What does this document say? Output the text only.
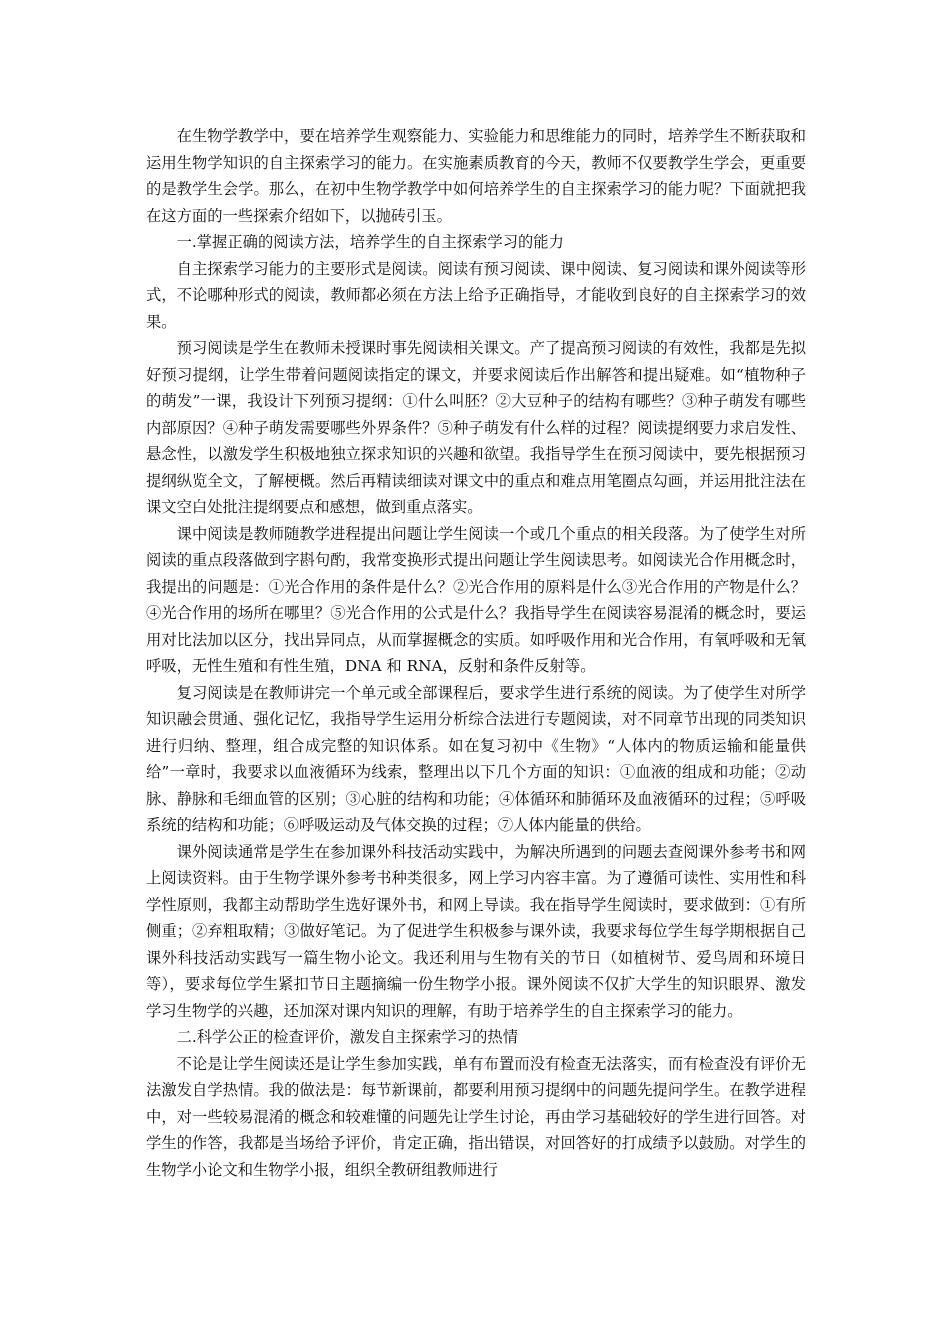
在生物学教学中，要在培养学生观察能力、实验能力和思维能力的同时，培养学生不断获取和运用生物学知识的自主探索学习的能力。在实施素质教育的今天，教师不仅要教学生学会，更重要的是教学生会学。那么，在初中生物学教学中如何培养学生的自主探索学习的能力呢？下面就把我在这方面的一些探索介绍如下，以抛砖引玉。

一.掌握正确的阅读方法，培养学生的自主探索学习的能力

自主探索学习能力的主要形式是阅读。阅读有预习阅读、课中阅读、复习阅读和课外阅读等形式，不论哪种形式的阅读，教师都必须在方法上给予正确指导，才能收到良好的自主探索学习的效果。

预习阅读是学生在教师未授课时事先阅读相关课文。产了提高预习阅读的有效性，我都是先拟好预习提纲，让学生带着问题阅读指定的课文，并要求阅读后作出解答和提出疑难。如“植物种子的萌发”一课，我设计下列预习提纲：①什么叫胚？②大豆种子的结构有哪些？③种子萌发有哪些内部原因？④种子萌发需要哪些外界条件？⑤种子萌发有什么样的过程？阅读提纲要力求启发性、悬念性，以激发学生积极地独立探求知识的兴趣和欲望。我指导学生在预习阅读中，要先根据预习提纲纵览全文，了解梗概。然后再精读细读对课文中的重点和难点用笔圈点勾画，并运用批注法在课文空白处批注提纲要点和感想，做到重点落实。

课中阅读是教师随教学进程提出问题让学生阅读一个或几个重点的相关段落。为了使学生对所阅读的重点段落做到字斟句酌，我常变换形式提出问题让学生阅读思考。如阅读光合作用概念时，我提出的问题是：①光合作用的条件是什么？②光合作用的原料是什么③光合作用的产物是什么？④光合作用的场所在哪里？⑤光合作用的公式是什么？我指导学生在阅读容易混淆的概念时，要运用对比法加以区分，找出异同点，从而掌握概念的实质。如呼吸作用和光合作用，有氧呼吸和无氧呼吸，无性生殖和有性生殖，DNA 和 RNA，反射和条件反射等。

复习阅读是在教师讲完一个单元或全部课程后，要求学生进行系统的阅读。为了使学生对所学知识融会贯通、强化记忆，我指导学生运用分析综合法进行专题阅读，对不同章节出现的同类知识进行归纳、整理，组合成完整的知识体系。如在复习初中《生物》“人体内的物质运输和能量供给”一章时，我要求以血液循环为线索，整理出以下几个方面的知识：①血液的组成和功能；②动脉、静脉和毛细血管的区别；③心脏的结构和功能；④体循环和肺循环及血液循环的过程；⑤呼吸系统的结构和功能；⑥呼吸运动及气体交换的过程；⑦人体内能量的供给。

课外阅读通常是学生在参加课外科技活动实践中，为解决所遇到的问题去查阅课外参考书和网上阅读资料。由于生物学课外参考书种类很多，网上学习内容丰富。为了遵循可读性、实用性和科学性原则，我都主动帮助学生选好课外书，和网上导读。我在指导学生阅读时，要求做到：①有所侧重；②弃粗取精；③做好笔记。为了促进学生积极参与课外读，我要求每位学生每学期根据自己课外科技活动实践写一篇生物小论文。我还利用与生物有关的节日（如植树节、爱鸟周和环境日等），要求每位学生紧扣节日主题摘编一份生物学小报。课外阅读不仅扩大学生的知识眼界、激发学习生物学的兴趣，还加深对课内知识的理解，有助于培养学生的自主探索学习的能力。

二.科学公正的检查评价，激发自主探索学习的热情

不论是让学生阅读还是让学生参加实践，单有布置而没有检查无法落实，而有检查没有评价无法激发自学热情。我的做法是：每节新课前，都要利用预习提纲中的问题先提问学生。在教学进程中，对一些较易混淆的概念和较难懂的问题先让学生讨论，再由学习基础较好的学生进行回答。对学生的作答，我都是当场给予评价，肯定正确，指出错误，对回答好的打成绩予以鼓励。对学生的生物学小论文和生物学小报，组织全教研组教师进行
